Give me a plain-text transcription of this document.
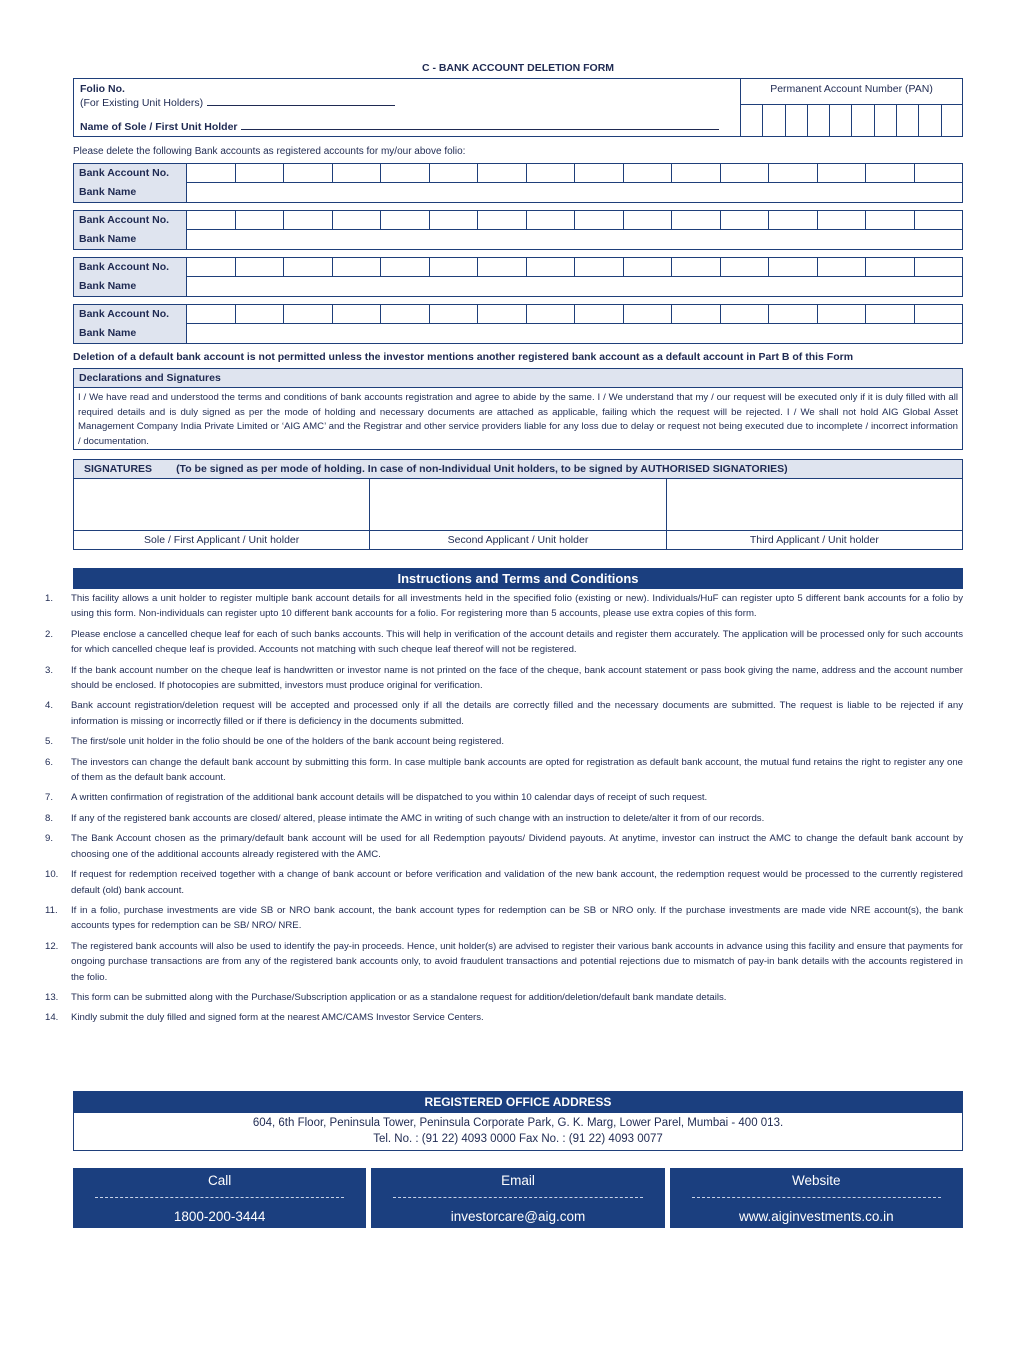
C - BANK ACCOUNT DELETION FORM
Folio No.
(For Existing Unit Holders)
Name of Sole / First Unit Holder
Permanent Account Number (PAN)
Please delete the following Bank accounts as registered accounts for my/our above folio:
Bank Account No.
Bank Name
Bank Account No.
Bank Name
Bank Account No.
Bank Name
Bank Account No.
Bank Name
Deletion of a default bank account is not permitted unless the investor mentions another registered bank account as a default account in Part B of this Form
Declarations and Signatures
I / We have read and understood the terms and conditions of bank accounts registration and agree to abide by the same. I / We understand that my / our request will be executed only if it is duly filled with all required details and is duly signed as per the mode of holding and necessary documents are attached as applicable, failing which the request will be rejected. I / We shall not hold AIG Global Asset Management Company India Private Limited or ‘AIG AMC’ and the Registrar and other service providers liable for any loss due to delay or request not being executed due to incomplete / incorrect information / documentation.
SIGNATURES (To be signed as per mode of holding. In case of non-Individual Unit holders, to be signed by AUTHORISED SIGNATORIES)
Sole / First Applicant / Unit holder	Second Applicant / Unit holder	Third Applicant / Unit holder
Instructions and Terms and Conditions
1.	This facility allows a unit holder to register multiple bank account details for all investments held in the specified folio (existing or new). Individuals/HuF can register upto 5 different bank accounts for a folio by using this form. Non-individuals can register upto 10 different bank accounts for a folio. For registering more than 5 accounts, please use extra copies of this form.
2.	Please enclose a cancelled cheque leaf for each of such banks accounts. This will help in verification of the account details and register them accurately. The application will be processed only for such accounts for which cancelled cheque leaf is provided. Accounts not matching with such cheque leaf thereof will not be registered.
3.	If the bank account number on the cheque leaf is handwritten or investor name is not printed on the face of the cheque, bank account statement or pass book giving the name, address and the account number should be enclosed. If photocopies are submitted, investors must produce original for verification.
4.	Bank account registration/deletion request will be accepted and processed only if all the details are correctly filled and the necessary documents are submitted. The request is liable to be rejected if any information is missing or incorrectly filled or if there is deficiency in the documents submitted.
5.	The first/sole unit holder in the folio should be one of the holders of the bank account being registered.
6.	The investors can change the default bank account by submitting this form. In case multiple bank accounts are opted for registration as default bank account, the mutual fund retains the right to register any one of them as the default bank account.
7.	A written confirmation of registration of the additional bank account details will be dispatched to you within 10 calendar days of receipt of such request.
8.	If any of the registered bank accounts are closed/ altered, please intimate the AMC in writing of such change with an instruction to delete/alter it from of our records.
9.	The Bank Account chosen as the primary/default bank account will be used for all Redemption payouts/ Dividend payouts. At anytime, investor can instruct the AMC to change the default bank account by choosing one of the additional accounts already registered with the AMC.
10.	If request for redemption received together with a change of bank account or before verification and validation of the new bank account, the redemption request would be processed to the currently registered default (old) bank account.
11.	If in a folio, purchase investments are vide SB or NRO bank account, the bank account types for redemption can be SB or NRO only. If the purchase investments are made vide NRE account(s), the bank accounts types for redemption can be SB/ NRO/ NRE.
12.	The registered bank accounts will also be used to identify the pay-in proceeds. Hence, unit holder(s) are advised to register their various bank accounts in advance using this facility and ensure that payments for ongoing purchase transactions are from any of the registered bank accounts only, to avoid fraudulent transactions and potential rejections due to mismatch of pay-in bank details with the accounts registered in the folio.
13.	This form can be submitted along with the Purchase/Subscription application or as a standalone request for addition/deletion/default bank mandate details.
14.	Kindly submit the duly filled and signed form at the nearest AMC/CAMS Investor Service Centers.
REGISTERED OFFICE ADDRESS
604, 6th Floor, Peninsula Tower, Peninsula Corporate Park, G. K. Marg, Lower Parel, Mumbai - 400 013.
Tel. No. : (91 22) 4093 0000 Fax No. : (91 22) 4093 0077
Call
1800-200-3444
Email
investorcare@aig.com
Website
www.aiginvestments.co.in
